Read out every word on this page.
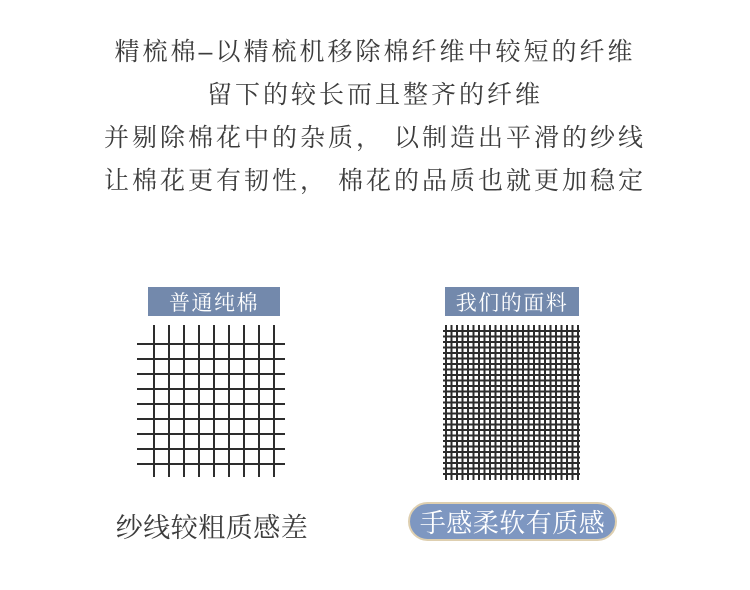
精梳棉–以精梳机移除棉纤维中较短的纤维
留下的较长而且整齐的纤维
并剔除棉花中的杂质， 以制造出平滑的纱线
让棉花更有韧性， 棉花的品质也就更加稳定
普通纯棉	我们的面料
纱线较粗质感差	手感柔软有质感
